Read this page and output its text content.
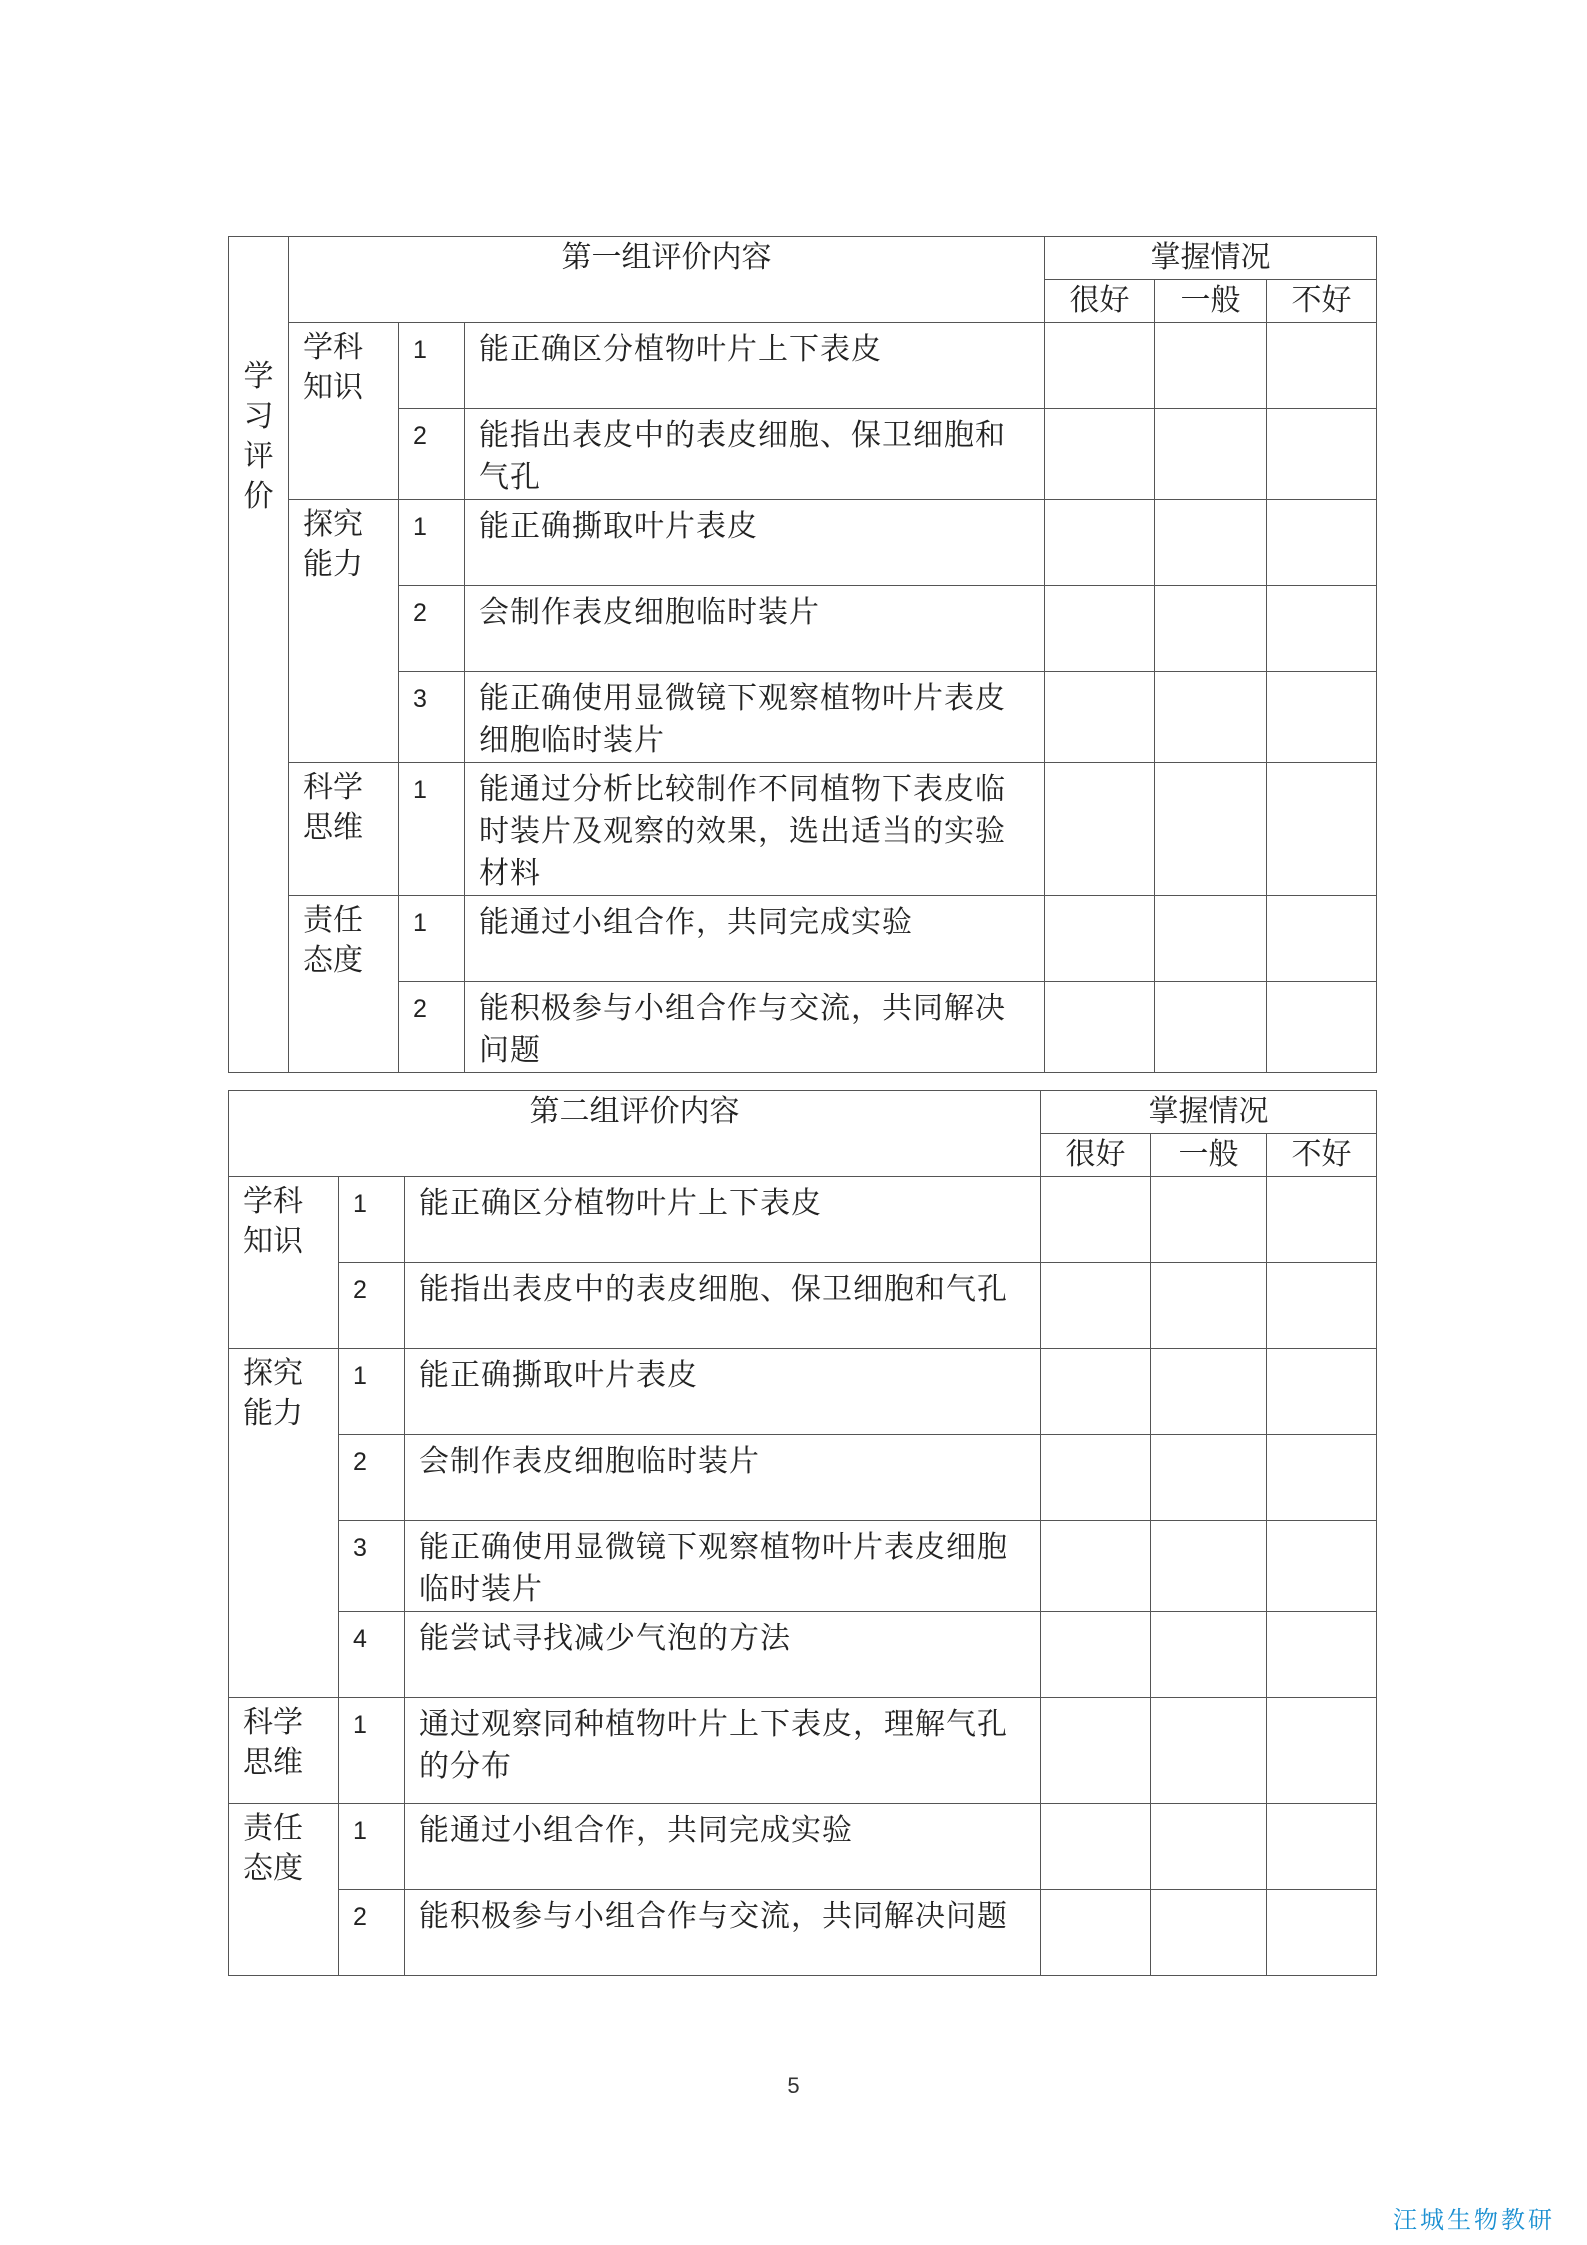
学
习
评
价	第一组评价内容			掌握情况		
				很好	一般	不好
	学科知识	1	能正确区分植物叶片上下表皮			
		2	能指出表皮中的表皮细胞、保卫细胞和气孔			
	探究能力	1	能正确撕取叶片表皮			
		2	会制作表皮细胞临时装片			
		3	能正确使用显微镜下观察植物叶片表皮细胞临时装片			
	科学思维	1	能通过分析比较制作不同植物下表皮临时装片及观察的效果，选出适当的实验材料			
	责任态度	1	能通过小组合作，共同完成实验			
		2	能积极参与小组合作与交流，共同解决问题			
第二组评价内容			掌握情况		
			很好	一般	不好
学科知识	1	能正确区分植物叶片上下表皮			
	2	能指出表皮中的表皮细胞、保卫细胞和气孔			
探究能力	1	能正确撕取叶片表皮			
	2	会制作表皮细胞临时装片			
	3	能正确使用显微镜下观察植物叶片表皮细胞临时装片			
	4	能尝试寻找减少气泡的方法			
科学思维	1	通过观察同种植物叶片上下表皮，理解气孔的分布			
责任态度	1	能通过小组合作，共同完成实验			
	2	能积极参与小组合作与交流，共同解决问题			
5
汪城生物教研
